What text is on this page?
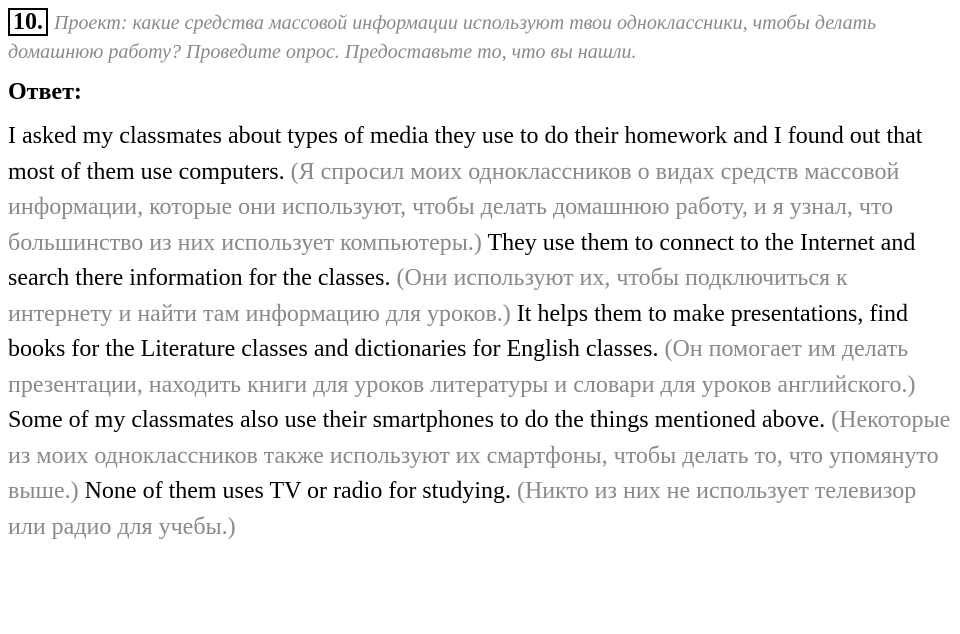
10. Проект: какие средства массовой информации используют твои одноклассники, чтобы делать домашнюю работу? Проведите опрос. Предоставьте то, что вы нашли.

Ответ:

I asked my classmates about types of media they use to do their homework and I found out that most of them use computers. (Я спросил моих одноклассников о видах средств массовой информации, которые они используют, чтобы делать домашнюю работу, и я узнал, что большинство из них использует компьютеры.) They use them to connect to the Internet and search there information for the classes. (Они используют их, чтобы подключиться к интернету и найти там информацию для уроков.) It helps them to make presentations, find books for the Literature classes and dictionaries for English classes. (Он помогает им делать презентации, находить книги для уроков литературы и словари для уроков английского.) Some of my classmates also use their smartphones to do the things mentioned above. (Некоторые из моих одноклассников также используют их смартфоны, чтобы делать то, что упомянуто выше.) None of them uses TV or radio for studying. (Никто из них не использует телевизор или радио для учебы.)
